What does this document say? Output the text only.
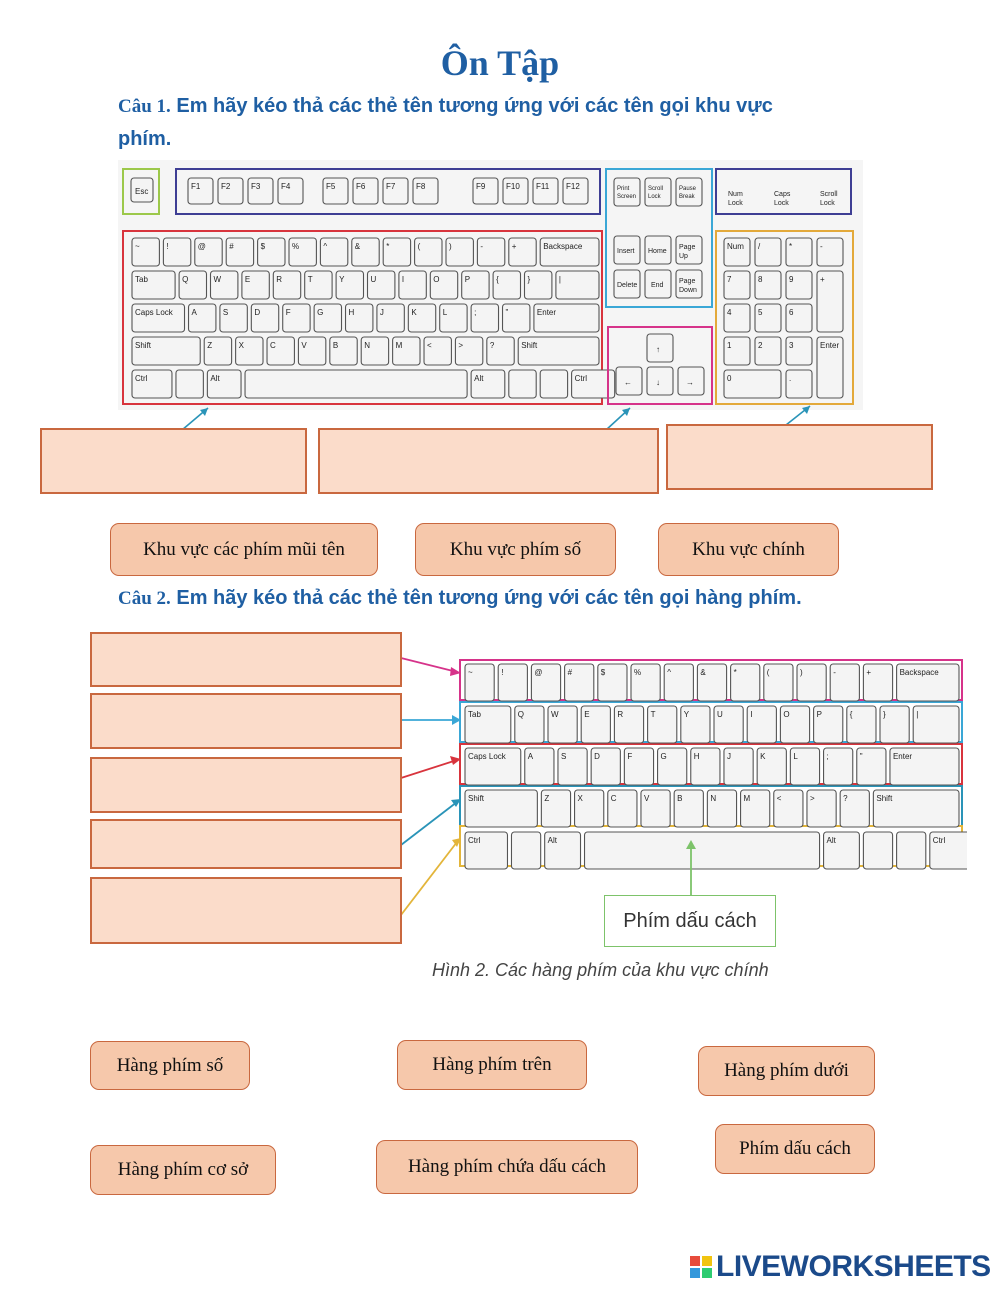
Ôn Tập
Câu 1. Em hãy kéo thả các thẻ tên tương ứng với các tên gọi khu vực
phím.
Esc
F1	F2	F3	F4	F5	F6	F7	F8	F9	F10 F11 F12	Print
Screen
Scroll
Lock
Pause
Break
Insert Home
Page
Up
Delete End
Page
Down
Num
Lock
Caps
Lock
Scroll
Lock
~	!	@	#	$	%	^	&	*	(	)	-	+	Backspace
Tab	Q	W	E	R	T	Y	U	I	O	P	{	}	|
Caps Lock A	S	D	F	G	H	J	K	L	;	"	Enter
Shift	Z	X	C	V	B	N	M	<	>	?	Shift
Ctrl	Alt	Alt	Ctrl
↑
←	↓	→
Num /	*	-
7	8	9
4	5	6
1	2	3
0	.
+
Enter
Khu vực các phím mũi tên	Khu vực phím số	Khu vực chính
Câu 2. Em hãy kéo thả các thẻ tên tương ứng với các tên gọi hàng phím.
~	!	@	#	$	%	^	&	*	(	)	-	+	Backspace
Tab	Q	W	E	R	T	Y	U	I	O	P	{	}	|
Caps Lock	A	S	D	F	G	H	J	K	L	;	"	Enter
Shift	Z	X	C	V	B	N	M	<	>	?	Shift
Ctrl	Alt	Alt	Ctrl
Phím dấu cách
Hình 2. Các hàng phím của khu vực chính
Hàng phím số	Hàng phím trên	Hàng phím dưới
Hàng phím cơ sở	Hàng phím chứa dấu cách
Phím dấu cách
LIVEWORKSHEETS
